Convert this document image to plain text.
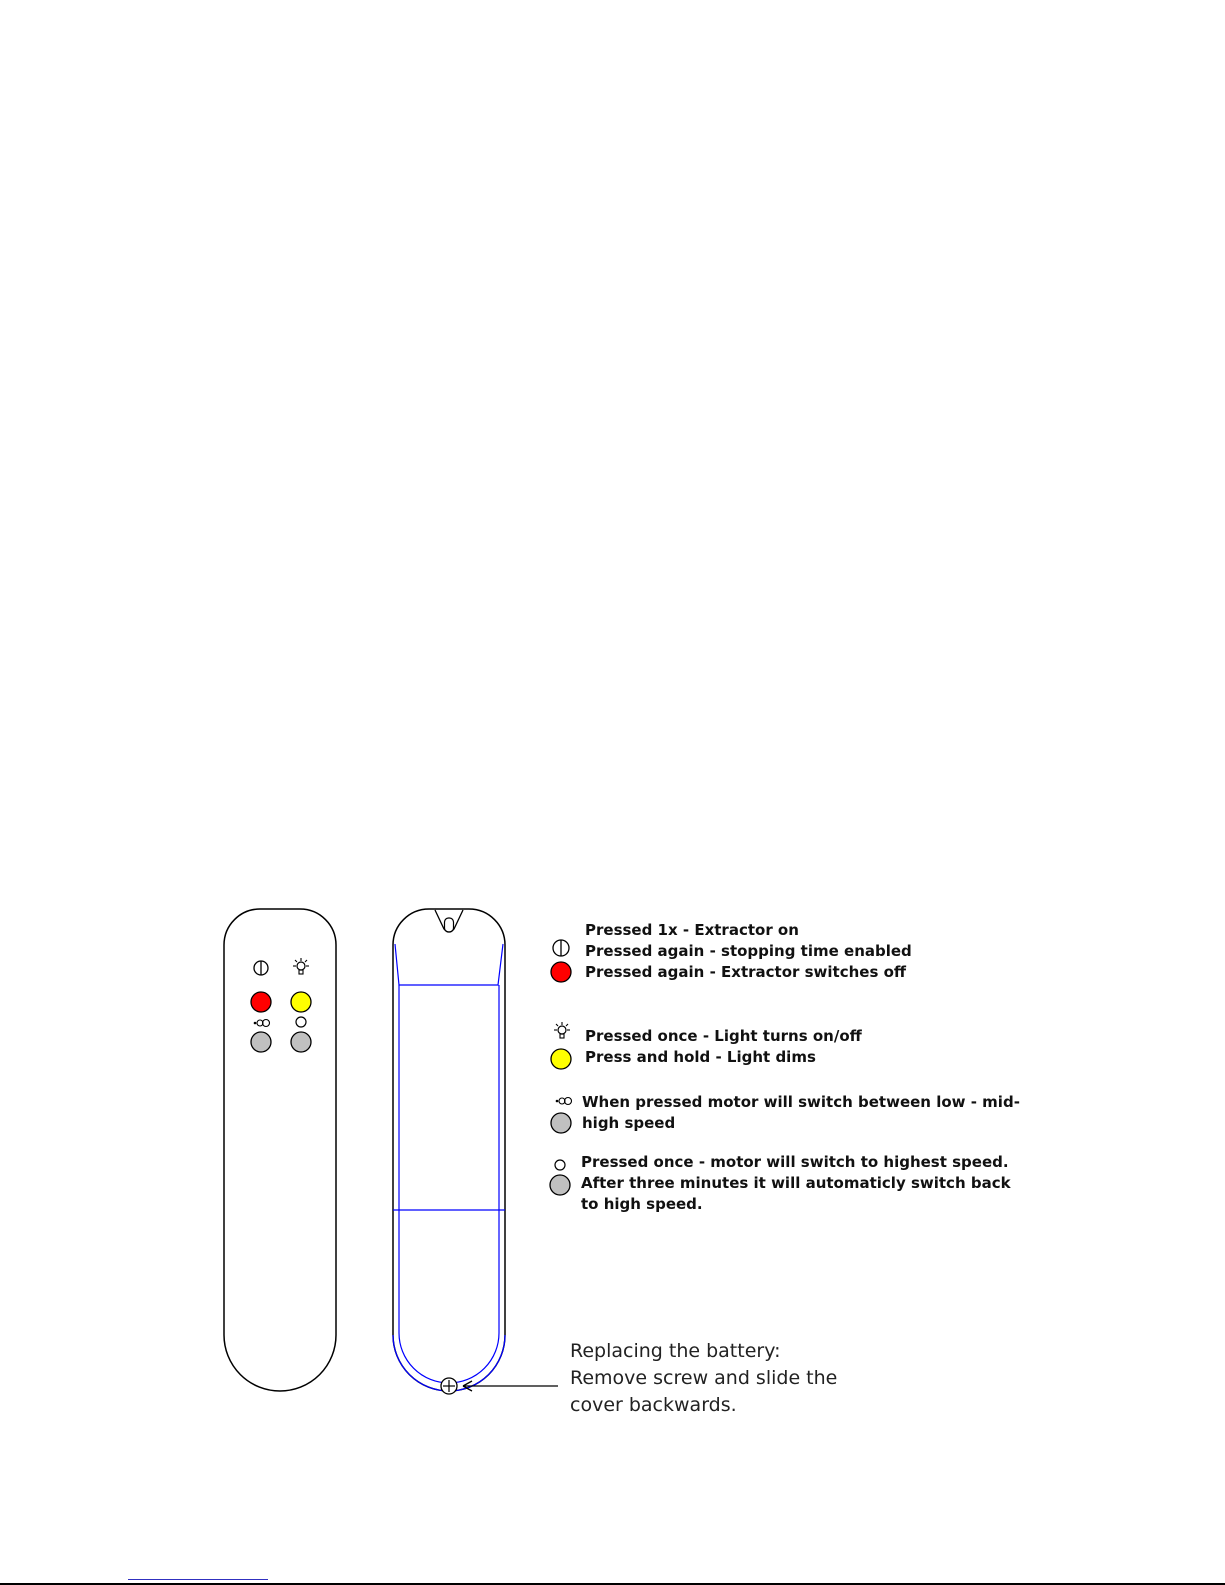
Pressed 1x - Extractor on
Pressed again - stopping time enabled
Pressed again - Extractor switches off
Pressed once - Light turns on/off
Press and hold - Light dims
When pressed motor will switch between low - mid-
high speed
Pressed once - motor will switch to highest speed.
After three minutes it will automaticly switch back
to high speed.
Replacing the battery:
Remove screw and slide the
cover backwards.
